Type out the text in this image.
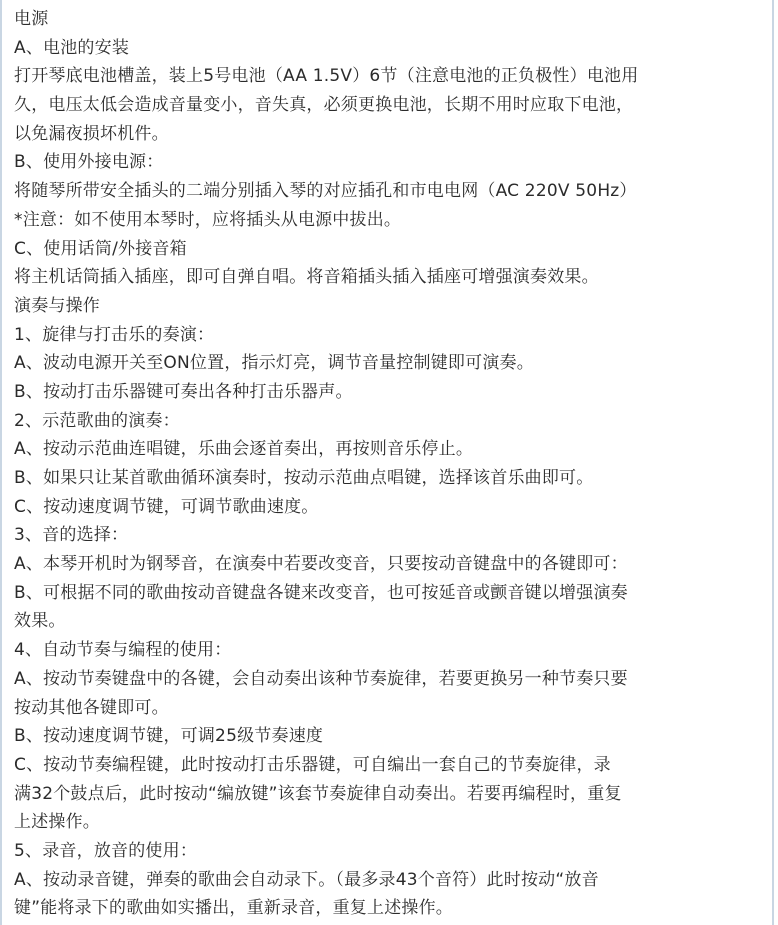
电源
A、电池的安装
打开琴底电池槽盖，装上5号电池（AA 1.5V）6节（注意电池的正负极性）电池用
久，电压太低会造成音量变小，音失真，必须更换电池，长期不用时应取下电池，
以免漏夜损坏机件。
B、使用外接电源：
将随琴所带安全插头的二端分别插入琴的对应插孔和市电电网（AC 220V 50Hz）
*注意：如不使用本琴时，应将插头从电源中拔出。
C、使用话筒/外接音箱
将主机话筒插入插座，即可自弹自唱。将音箱插头插入插座可增强演奏效果。
演奏与操作
1、旋律与打击乐的奏演：
A、波动电源开关至ON位置，指示灯亮，调节音量控制键即可演奏。
B、按动打击乐器键可奏出各种打击乐器声。
2、示范歌曲的演奏：
A、按动示范曲连唱键，乐曲会逐首奏出，再按则音乐停止。
B、如果只让某首歌曲循环演奏时，按动示范曲点唱键，选择该首乐曲即可。
C、按动速度调节键，可调节歌曲速度。
3、音的选择：
A、本琴开机时为钢琴音，在演奏中若要改变音，只要按动音键盘中的各键即可：
B、可根据不同的歌曲按动音键盘各键来改变音，也可按延音或颤音键以增强演奏
效果。
4、自动节奏与编程的使用：
A、按动节奏键盘中的各键，会自动奏出该种节奏旋律，若要更换另一种节奏只要
按动其他各键即可。
B、按动速度调节键，可调25级节奏速度
C、按动节奏编程键，此时按动打击乐器键，可自编出一套自己的节奏旋律，录
满32个鼓点后，此时按动“编放键”该套节奏旋律自动奏出。若要再编程时，重复
上述操作。
5、录音，放音的使用：
A、按动录音键，弹奏的歌曲会自动录下。（最多录43个音符）此时按动“放音
键”能将录下的歌曲如实播出，重新录音，重复上述操作。
